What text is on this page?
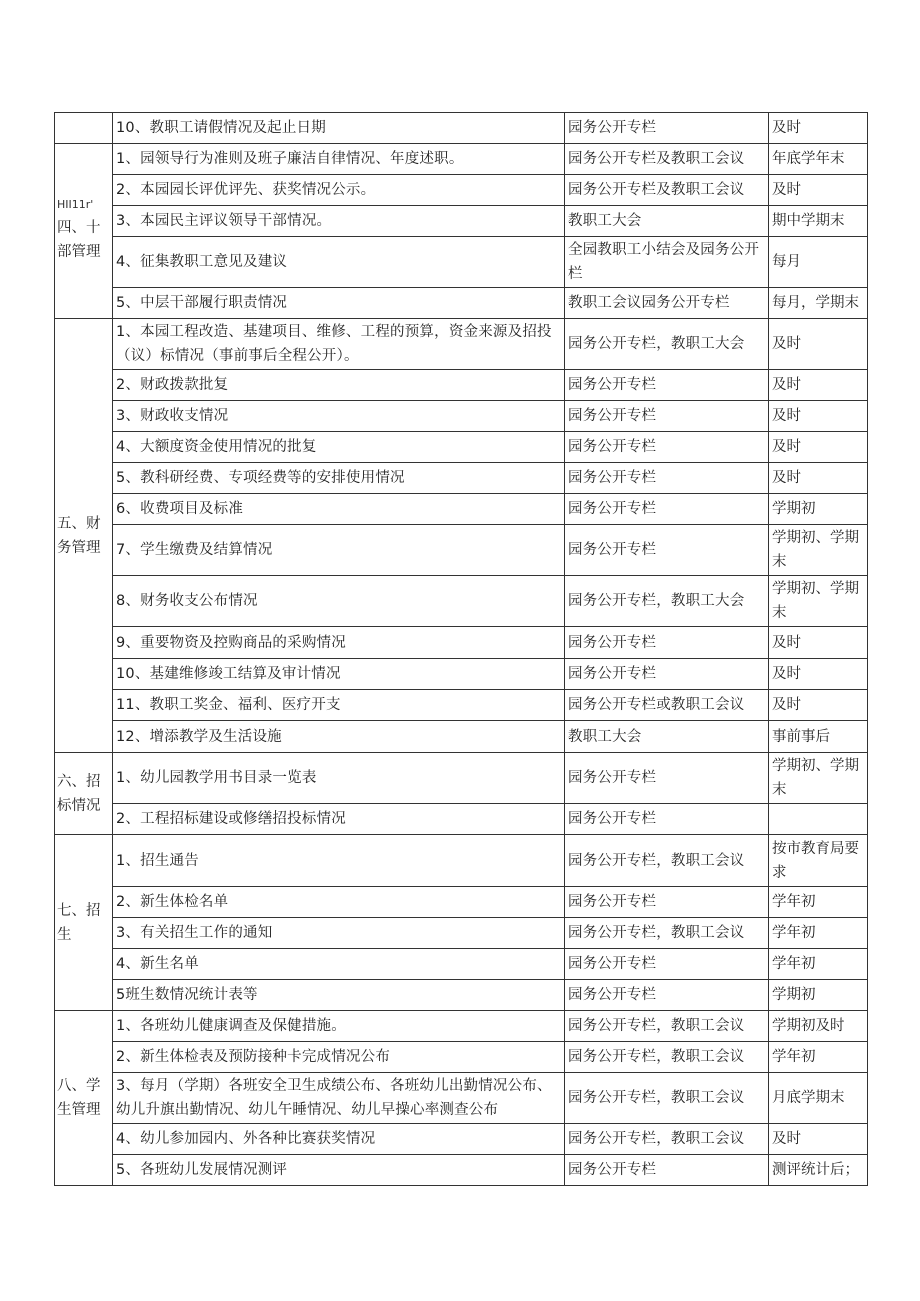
	10、教职工请假情况及起止日期	园务公开专栏	及时

HII11r'
四、十部管理	1、园领导行为准则及班子廉洁自律情况、年度述职。	园务公开专栏及教职工会议	年底学年末
	2、本园园长评优评先、获奖情况公示。	园务公开专栏及教职工会议	及时
	3、本园民主评议领导干部情况。	教职工大会	期中学期末
	4、征集教职工意见及建议	全园教职工小结会及园务公开栏	每月
	5、中层干部履行职责情况	教职工会议园务公开专栏	每月，学期末
五、财务管理	1、本园工程改造、基建项目、维修、工程的预算，资金来源及招投（议）标情况（事前事后全程公开）。	园务公开专栏，教职工大会	及时
	2、财政拨款批复	园务公开专栏	及时
	3、财政收支情况	园务公开专栏	及时
	4、大额度资金使用情况的批复	园务公开专栏	及时
	5、教科研经费、专项经费等的安排使用情况	园务公开专栏	及时
	6、收费项目及标准	园务公开专栏	学期初
	7、学生缴费及结算情况	园务公开专栏	学期初、学期末
	8、财务收支公布情况	园务公开专栏，教职工大会	学期初、学期末
	9、重要物资及控购商品的采购情况	园务公开专栏	及时
	10、基建维修竣工结算及审计情况	园务公开专栏	及时
	11、教职工奖金、福利、医疗开支	园务公开专栏或教职工会议	及时
	12、增添教学及生活设施	教职工大会	事前事后
六、招标情况	1、幼儿园教学用书目录一览表	园务公开专栏	学期初、学期末
	2、工程招标建设或修缮招投标情况	园务公开专栏	
七、招生	1、招生通告	园务公开专栏，教职工会议	按市教育局要求
	2、新生体检名单	园务公开专栏	学年初
	3、有关招生工作的通知	园务公开专栏，教职工会议	学年初
	4、新生名单	园务公开专栏	学年初
	5班生数情况统计表等	园务公开专栏	学期初
八、学生管理	1、各班幼儿健康调查及保健措施。	园务公开专栏，教职工会议	学期初及时
	2、新生体检表及预防接种卡完成情况公布	园务公开专栏，教职工会议	学年初
	3、每月（学期）各班安全卫生成绩公布、各班幼儿出勤情况公布、幼儿升旗出勤情况、幼儿午睡情况、幼儿早操心率测查公布	园务公开专栏，教职工会议	月底学期末
	4、幼儿参加园内、外各种比赛获奖情况	园务公开专栏，教职工会议	及时
	5、各班幼儿发展情况测评	园务公开专栏	测评统计后；
